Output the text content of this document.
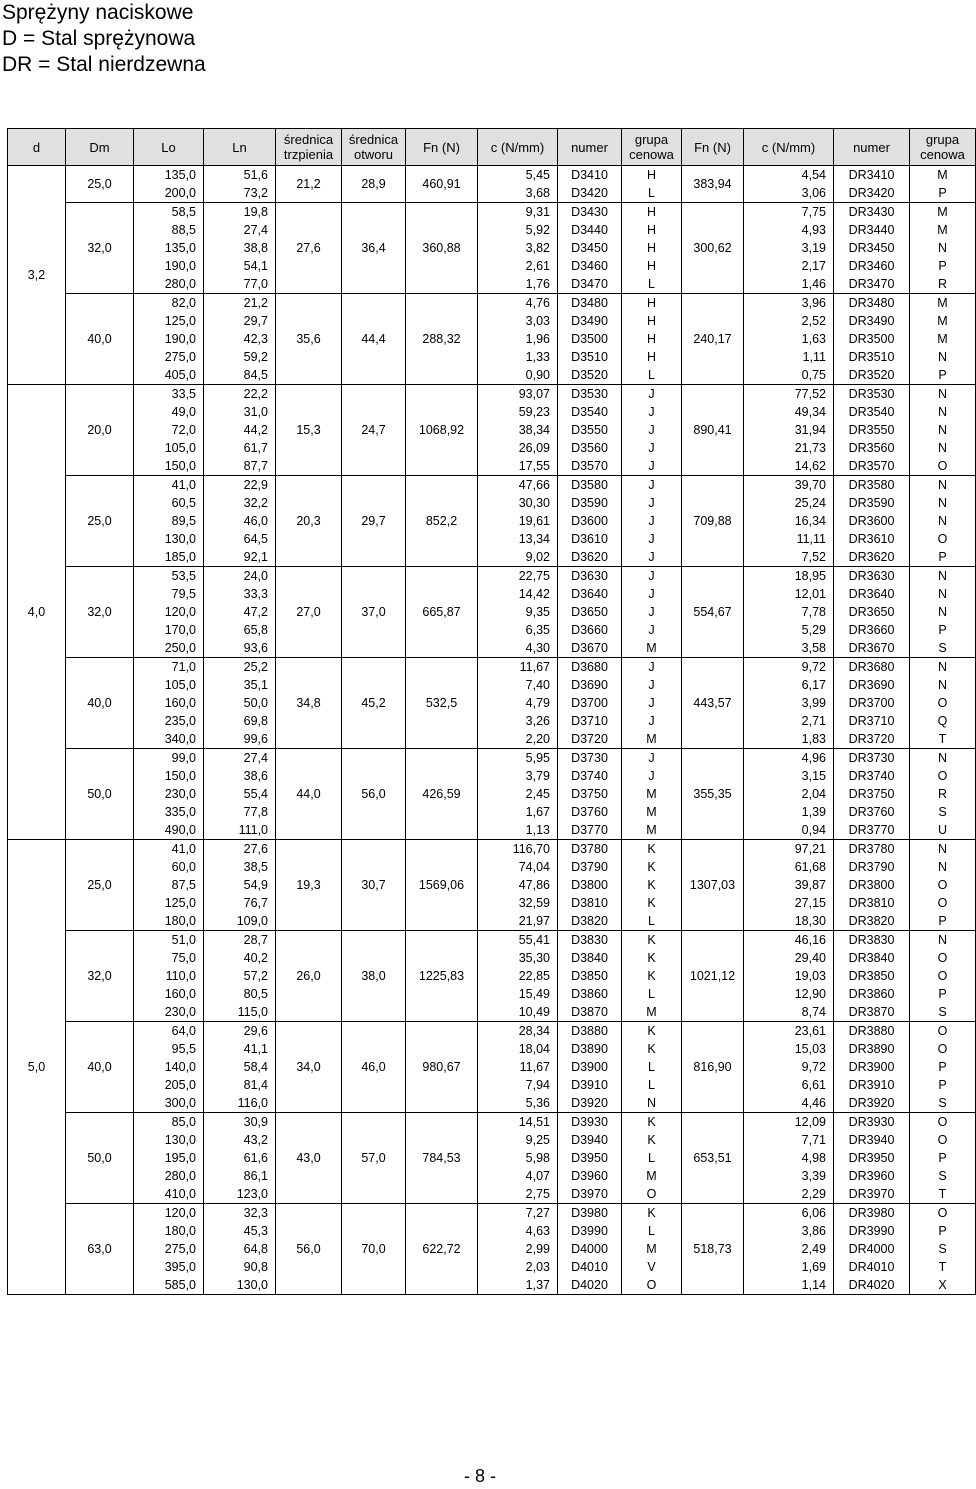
Sprężyny naciskowe
D = Stal sprężynowa
DR = Stal nierdzewna
d	Dm	Lo	Ln	średnica trzpienia	średnica otworu	Fn (N)	c (N/mm)	numer	grupa cenowa	Fn (N)	c (N/mm)	numer	grupa cenowa
3,2	25,0	135,0	51,6	21,2	28,9	460,91	5,45	D3410	H	383,94	4,54	DR3410	M
		200,0	73,2				3,68	D3420	L		3,06	DR3420	P
	32,0	58,5	19,8	27,6	36,4	360,88	9,31	D3430	H	300,62	7,75	DR3430	M
		88,5	27,4				5,92	D3440	H		4,93	DR3440	M
		135,0	38,8				3,82	D3450	H		3,19	DR3450	N
		190,0	54,1				2,61	D3460	H		2,17	DR3460	P
		280,0	77,0				1,76	D3470	L		1,46	DR3470	R
	40,0	82,0	21,2	35,6	44,4	288,32	4,76	D3480	H	240,17	3,96	DR3480	M
		125,0	29,7				3,03	D3490	H		2,52	DR3490	M
		190,0	42,3				1,96	D3500	H		1,63	DR3500	M
		275,0	59,2				1,33	D3510	H		1,11	DR3510	N
		405,0	84,5				0,90	D3520	L		0,75	DR3520	P
4,0	20,0	33,5	22,2	15,3	24,7	1068,92	93,07	D3530	J	890,41	77,52	DR3530	N
		49,0	31,0				59,23	D3540	J		49,34	DR3540	N
		72,0	44,2				38,34	D3550	J		31,94	DR3550	N
		105,0	61,7				26,09	D3560	J		21,73	DR3560	N
		150,0	87,7				17,55	D3570	J		14,62	DR3570	O
	25,0	41,0	22,9	20,3	29,7	852,2	47,66	D3580	J	709,88	39,70	DR3580	N
		60,5	32,2				30,30	D3590	J		25,24	DR3590	N
		89,5	46,0				19,61	D3600	J		16,34	DR3600	N
		130,0	64,5				13,34	D3610	J		11,11	DR3610	O
		185,0	92,1				9,02	D3620	J		7,52	DR3620	P
	32,0	53,5	24,0	27,0	37,0	665,87	22,75	D3630	J	554,67	18,95	DR3630	N
		79,5	33,3				14,42	D3640	J		12,01	DR3640	N
		120,0	47,2				9,35	D3650	J		7,78	DR3650	N
		170,0	65,8				6,35	D3660	J		5,29	DR3660	P
		250,0	93,6				4,30	D3670	M		3,58	DR3670	S
	40,0	71,0	25,2	34,8	45,2	532,5	11,67	D3680	J	443,57	9,72	DR3680	N
		105,0	35,1				7,40	D3690	J		6,17	DR3690	N
		160,0	50,0				4,79	D3700	J		3,99	DR3700	O
		235,0	69,8				3,26	D3710	J		2,71	DR3710	Q
		340,0	99,6				2,20	D3720	M		1,83	DR3720	T
	50,0	99,0	27,4	44,0	56,0	426,59	5,95	D3730	J	355,35	4,96	DR3730	N
		150,0	38,6				3,79	D3740	J		3,15	DR3740	O
		230,0	55,4				2,45	D3750	M		2,04	DR3750	R
		335,0	77,8				1,67	D3760	M		1,39	DR3760	S
		490,0	111,0				1,13	D3770	M		0,94	DR3770	U
5,0	25,0	41,0	27,6	19,3	30,7	1569,06	116,70	D3780	K	1307,03	97,21	DR3780	N
		60,0	38,5				74,04	D3790	K		61,68	DR3790	N
		87,5	54,9				47,86	D3800	K		39,87	DR3800	O
		125,0	76,7				32,59	D3810	K		27,15	DR3810	O
		180,0	109,0				21,97	D3820	L		18,30	DR3820	P
	32,0	51,0	28,7	26,0	38,0	1225,83	55,41	D3830	K	1021,12	46,16	DR3830	N
		75,0	40,2				35,30	D3840	K		29,40	DR3840	O
		110,0	57,2				22,85	D3850	K		19,03	DR3850	O
		160,0	80,5				15,49	D3860	L		12,90	DR3860	P
		230,0	115,0				10,49	D3870	M		8,74	DR3870	S
	40,0	64,0	29,6	34,0	46,0	980,67	28,34	D3880	K	816,90	23,61	DR3880	O
		95,5	41,1				18,04	D3890	K		15,03	DR3890	O
		140,0	58,4				11,67	D3900	L		9,72	DR3900	P
		205,0	81,4				7,94	D3910	L		6,61	DR3910	P
		300,0	116,0				5,36	D3920	N		4,46	DR3920	S
	50,0	85,0	30,9	43,0	57,0	784,53	14,51	D3930	K	653,51	12,09	DR3930	O
		130,0	43,2				9,25	D3940	K		7,71	DR3940	O
		195,0	61,6				5,98	D3950	L		4,98	DR3950	P
		280,0	86,1				4,07	D3960	M		3,39	DR3960	S
		410,0	123,0				2,75	D3970	O		2,29	DR3970	T
	63,0	120,0	32,3	56,0	70,0	622,72	7,27	D3980	K	518,73	6,06	DR3980	O
		180,0	45,3				4,63	D3990	L		3,86	DR3990	P
		275,0	64,8				2,99	D4000	M		2,49	DR4000	S
		395,0	90,8				2,03	D4010	V		1,69	DR4010	T
		585,0	130,0				1,37	D4020	O		1,14	DR4020	X
- 8 -
